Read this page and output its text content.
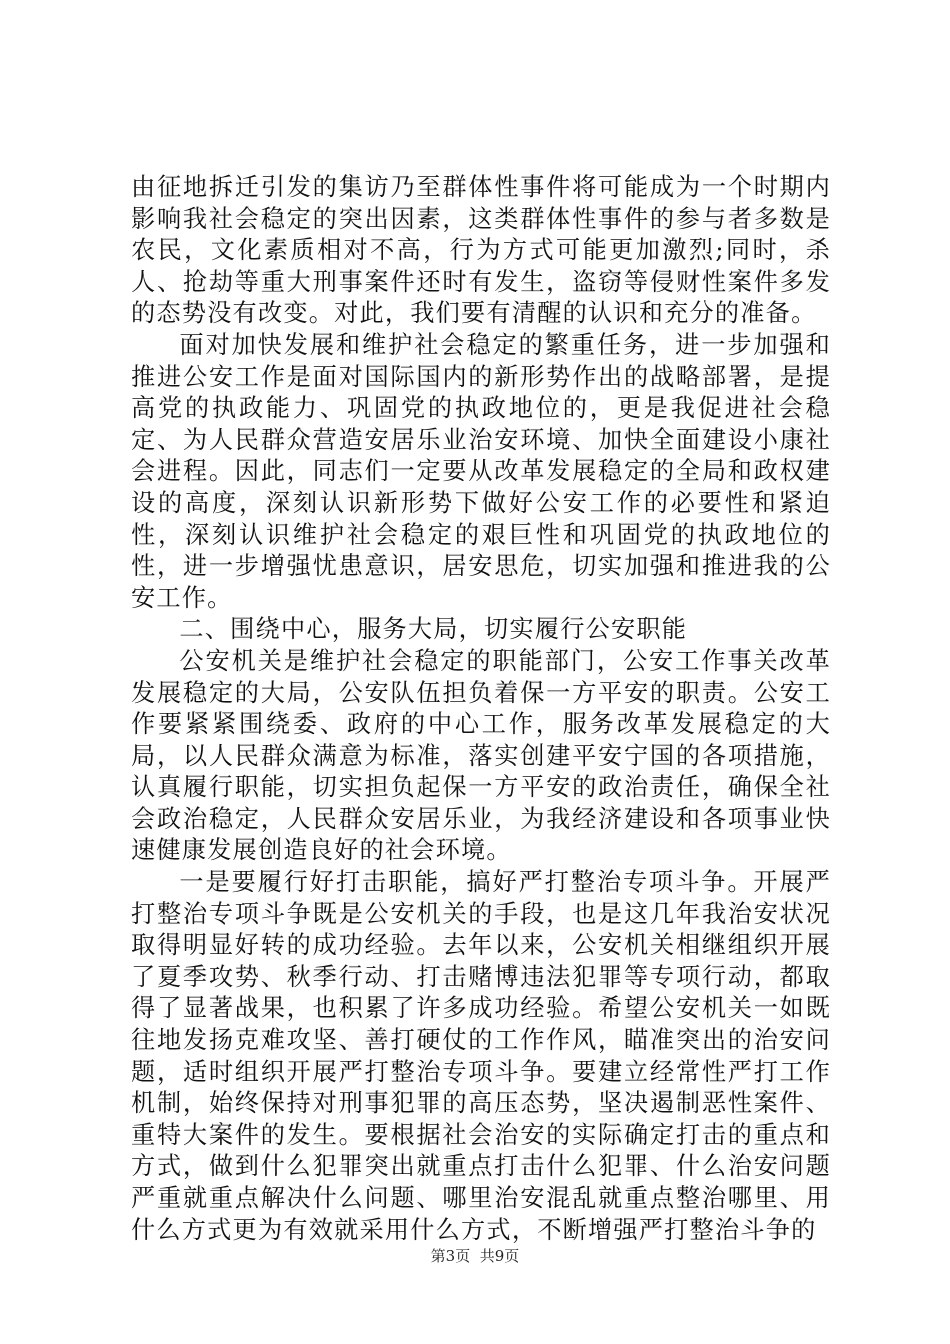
由征地拆迁引发的集访乃至群体性事件将可能成为一个时期内影响我社会稳定的突出因素，这类群体性事件的参与者多数是农民，文化素质相对不高，行为方式可能更加激烈;同时，杀人、抢劫等重大刑事案件还时有发生，盗窃等侵财性案件多发的态势没有改变。对此，我们要有清醒的认识和充分的准备。

面对加快发展和维护社会稳定的繁重任务，进一步加强和推进公安工作是面对国际国内的新形势作出的战略部署，是提高党的执政能力、巩固党的执政地位的，更是我促进社会稳定、为人民群众营造安居乐业治安环境、加快全面建设小康社会进程。因此，同志们一定要从改革发展稳定的全局和政权建设的高度，深刻认识新形势下做好公安工作的必要性和紧迫性，深刻认识维护社会稳定的艰巨性和巩固党的执政地位的性，进一步增强忧患意识，居安思危，切实加强和推进我的公安工作。

二、围绕中心，服务大局，切实履行公安职能

公安机关是维护社会稳定的职能部门，公安工作事关改革发展稳定的大局，公安队伍担负着保一方平安的职责。公安工作要紧紧围绕委、政府的中心工作，服务改革发展稳定的大局，以人民群众满意为标准，落实创建平安宁国的各项措施，认真履行职能，切实担负起保一方平安的政治责任，确保全社会政治稳定，人民群众安居乐业，为我经济建设和各项事业快速健康发展创造良好的社会环境。

一是要履行好打击职能，搞好严打整治专项斗争。开展严打整治专项斗争既是公安机关的手段，也是这几年我治安状况取得明显好转的成功经验。去年以来，公安机关相继组织开展了夏季攻势、秋季行动、打击赌博违法犯罪等专项行动，都取得了显著战果，也积累了许多成功经验。希望公安机关一如既往地发扬克难攻坚、善打硬仗的工作作风，瞄准突出的治安问题，适时组织开展严打整治专项斗争。要建立经常性严打工作机制，始终保持对刑事犯罪的高压态势，坚决遏制恶性案件、重特大案件的发生。要根据社会治安的实际确定打击的重点和方式，做到什么犯罪突出就重点打击什么犯罪、什么治安问题严重就重点解决什么问题、哪里治安混乱就重点整治哪里、用什么方式更为有效就采用什么方式，不断增强严打整治斗争的

第3页 共9页
